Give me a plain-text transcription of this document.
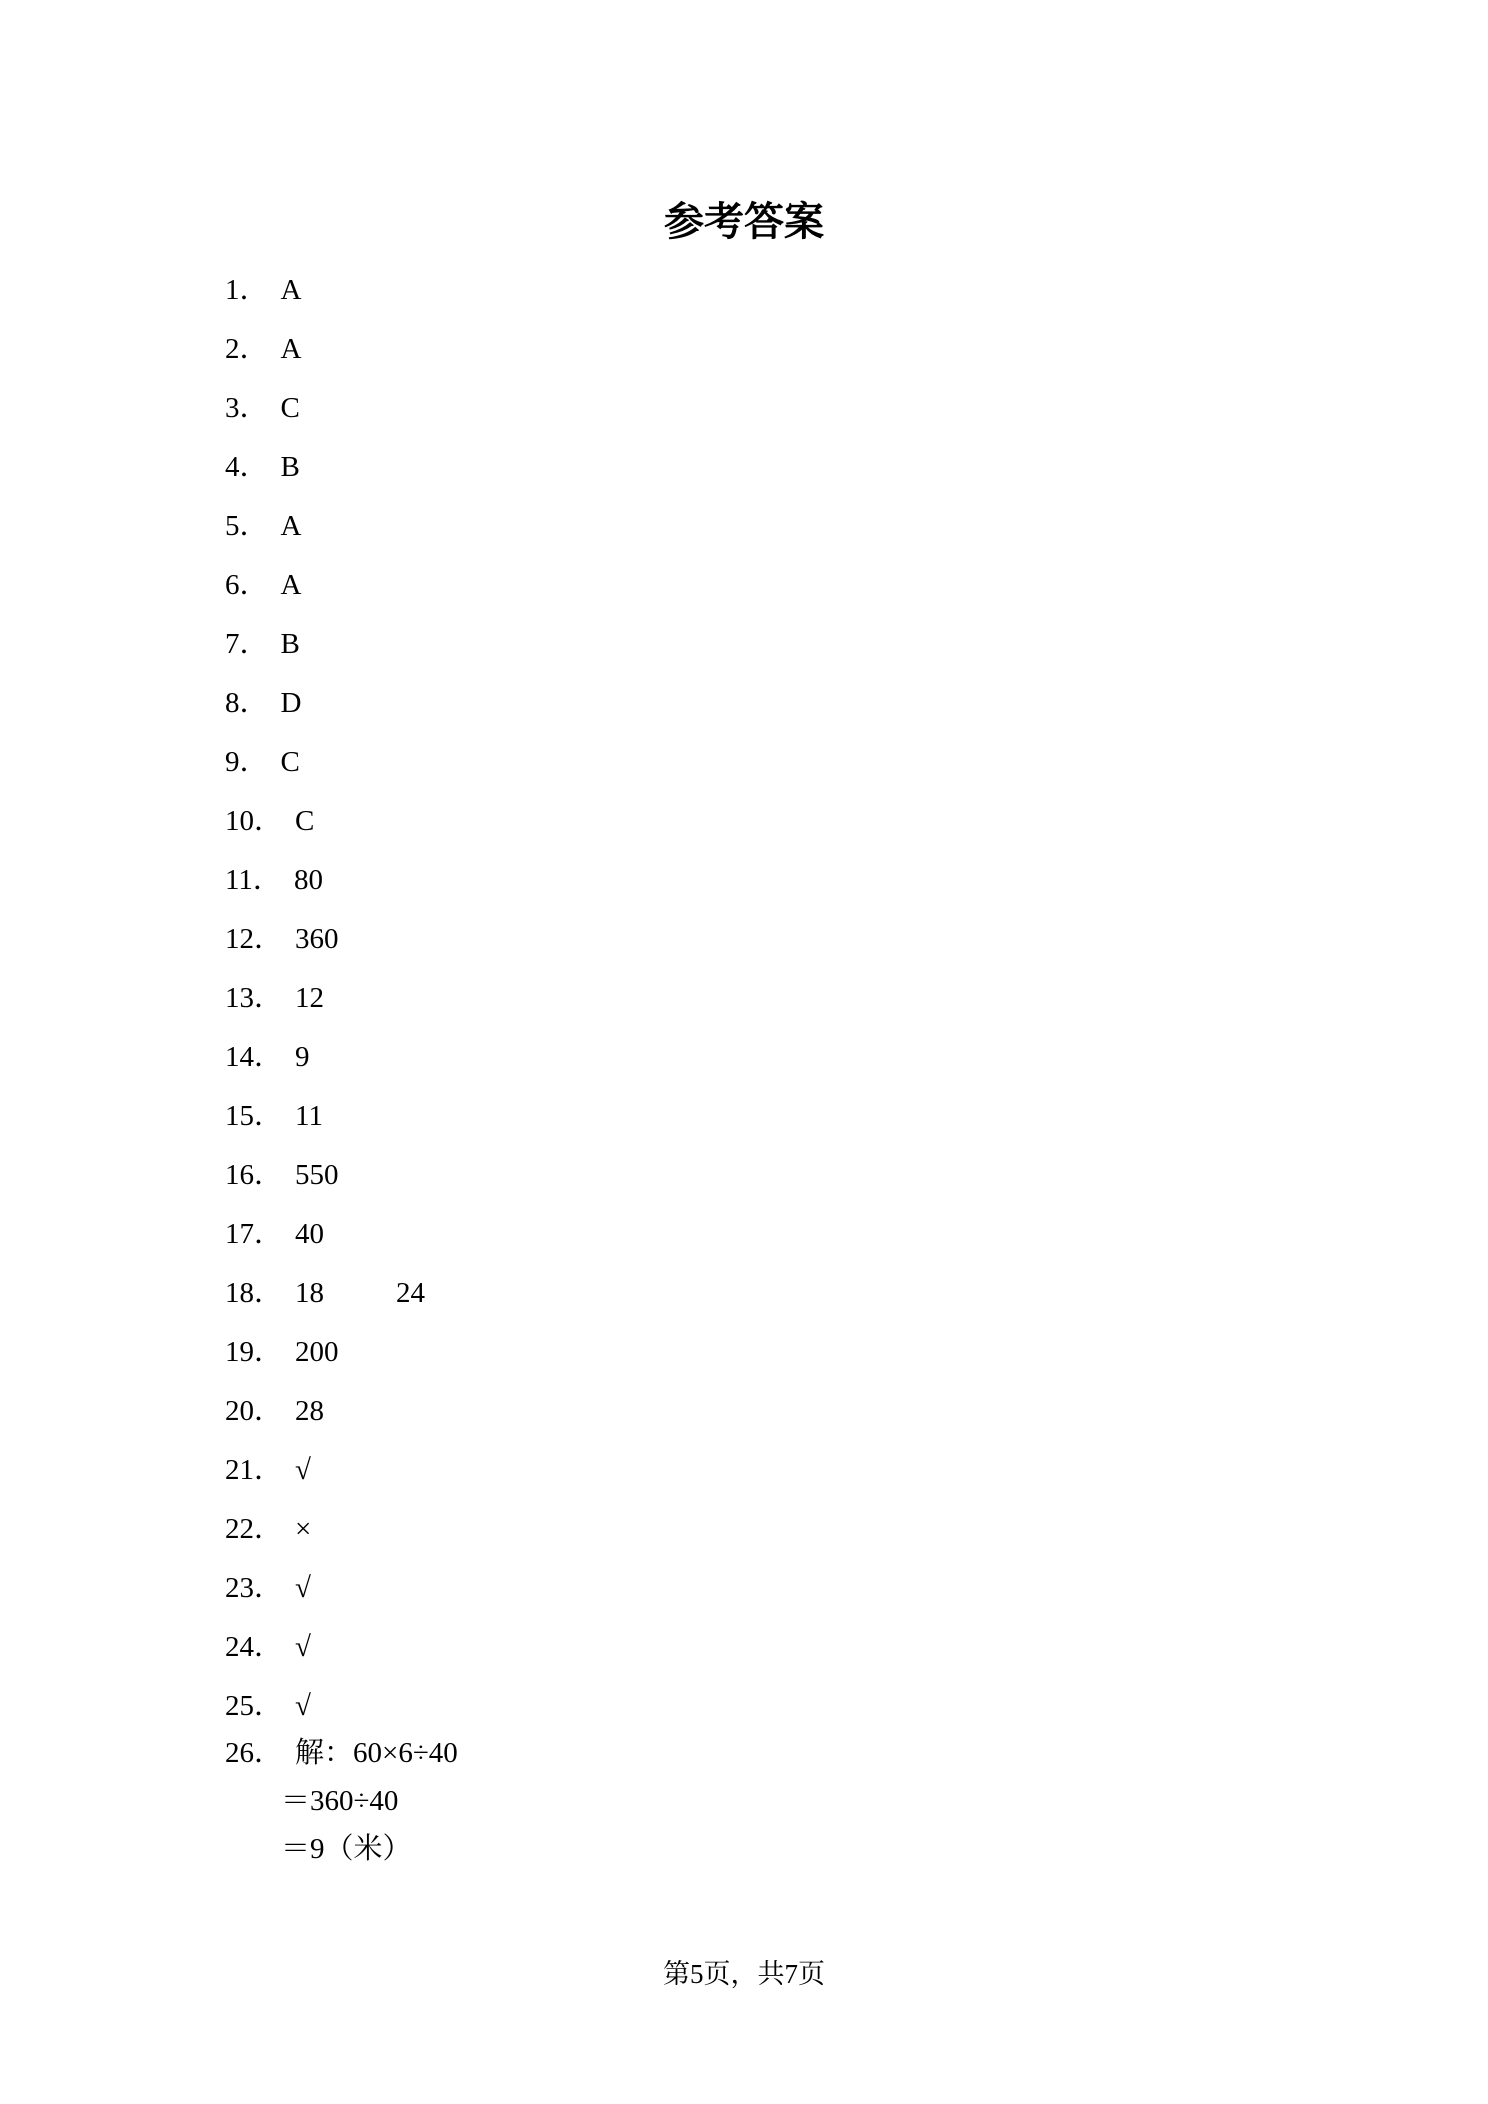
参考答案
1． A
2． A
3． C
4． B
5． A
6． A
7． B
8． D
9． C
10． C
11． 80
12． 360
13． 12
14． 9
15． 11
16． 550
17． 40
18． 18 24
19． 200
20． 28
21． √
22． ×
23． √
24． √
25． √
26． 解：60×6÷40
＝360÷40
＝9（米）
第5页，共7页
